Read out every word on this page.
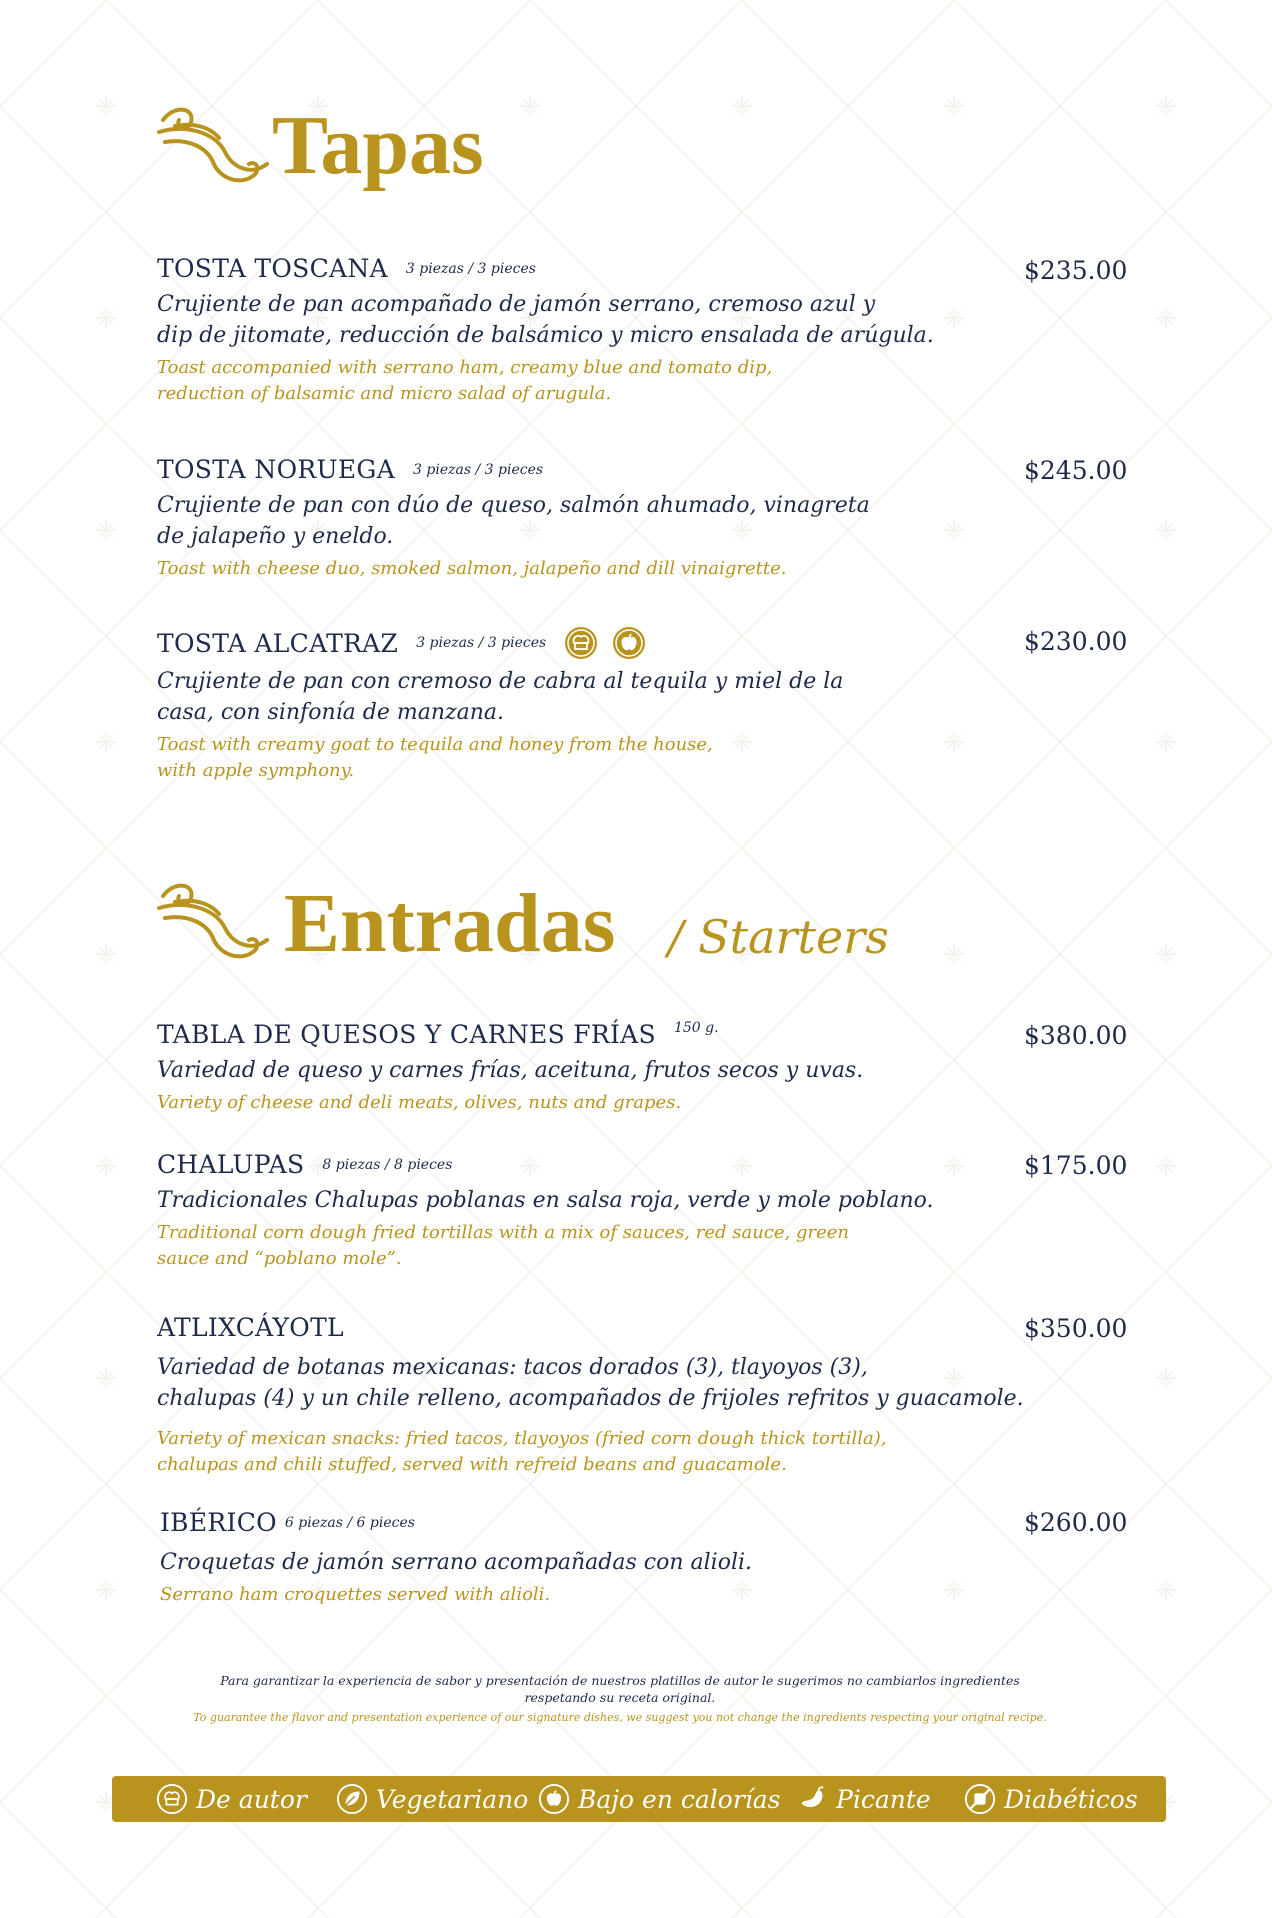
Tapas
TOSTA TOSCANA 3 piezas / 3 pieces
Crujiente de pan acompañado de jamón serrano, cremoso azul y
dip de jitomate, reducción de balsámico y micro ensalada de arúgula.
Toast accompanied with serrano ham, creamy blue and tomato dip,
reduction of balsamic and micro salad of arugula.
$235.00
TOSTA NORUEGA 3 piezas / 3 pieces
Crujiente de pan con dúo de queso, salmón ahumado, vinagreta
de jalapeño y eneldo.
Toast with cheese duo, smoked salmon, jalapeño and dill vinaigrette.
$245.00
TOSTA ALCATRAZ 3 piezas / 3 pieces
Crujiente de pan con cremoso de cabra al tequila y miel de la
casa, con sinfonía de manzana.
Toast with creamy goat to tequila and honey from the house,
with apple symphony.
$230.00
Entradas / Starters
TABLA DE QUESOS Y CARNES FRÍAS 150 g.
Variedad de queso y carnes frías, aceituna, frutos secos y uvas.
Variety of cheese and deli meats, olives, nuts and grapes.
$380.00
CHALUPAS 8 piezas / 8 pieces
Tradicionales Chalupas poblanas en salsa roja, verde y mole poblano.
Traditional corn dough fried tortillas with a mix of sauces, red sauce, green
sauce and “poblano mole”.
$175.00
ATLIXCÁYOTL
Variedad de botanas mexicanas: tacos dorados (3), tlayoyos (3),
chalupas (4) y un chile relleno, acompañados de frijoles refritos y guacamole.
Variety of mexican snacks: fried tacos, tlayoyos (fried corn dough thick tortilla),
chalupas and chili stuffed, served with refreid beans and guacamole.
$350.00
IBÉRICO 6 piezas / 6 pieces
Croquetas de jamón serrano acompañadas con alioli.
Serrano ham croquettes served with alioli.
$260.00
Para garantizar la experiencia de sabor y presentación de nuestros platillos de autor le sugerimos no cambiarlos ingredientes
respetando su receta original.
To guarantee the flavor and presentation experience of our signature dishes, we suggest you not change the ingredients respecting your original recipe.
De autor	Vegetariano Bajo en calorías Picante	Diabéticos
